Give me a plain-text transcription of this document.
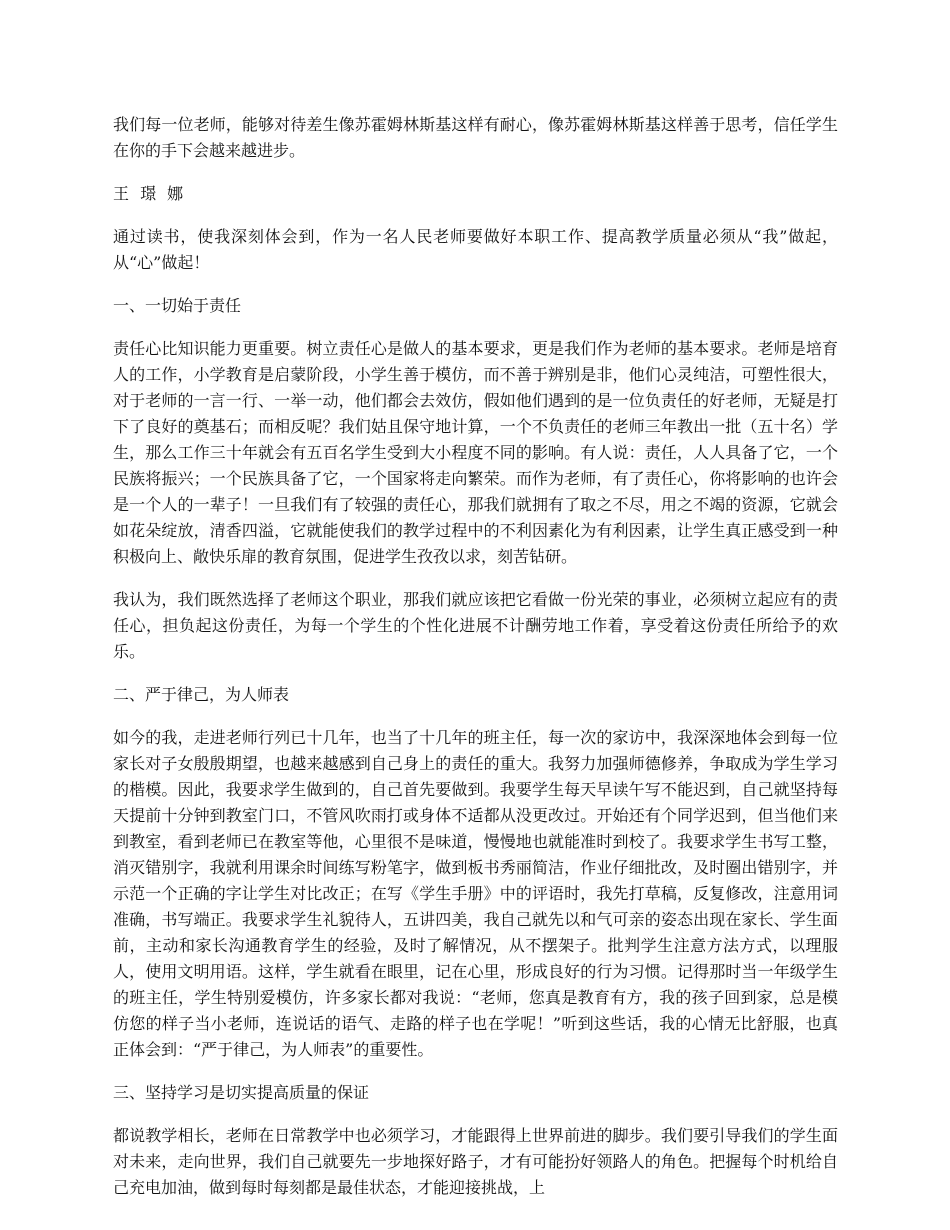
我们每一位老师，能够对待差生像苏霍姆林斯基这样有耐心，像苏霍姆林斯基这样善于思考，信任学生在你的手下会越来越进步。

王 璟 娜

通过读书，使我深刻体会到，作为一名人民老师要做好本职工作、提高教学质量必须从“我”做起，从“心”做起！

一、一切始于责任

责任心比知识能力更重要。树立责任心是做人的基本要求，更是我们作为老师的基本要求。老师是培育人的工作，小学教育是启蒙阶段，小学生善于模仿，而不善于辨别是非，他们心灵纯洁，可塑性很大，对于老师的一言一行、一举一动，他们都会去效仿，假如他们遇到的是一位负责任的好老师，无疑是打下了良好的奠基石；而相反呢？我们姑且保守地计算，一个不负责任的老师三年教出一批（五十名）学生，那么工作三十年就会有五百名学生受到大小程度不同的影响。有人说：责任，人人具备了它，一个民族将振兴；一个民族具备了它，一个国家将走向繁荣。而作为老师，有了责任心，你将影响的也许会是一个人的一辈子！一旦我们有了较强的责任心，那我们就拥有了取之不尽，用之不竭的资源，它就会如花朵绽放，清香四溢，它就能使我们的教学过程中的不利因素化为有利因素，让学生真正感受到一种积极向上、敞快乐扉的教育氛围，促进学生孜孜以求，刻苦钻研。

我认为，我们既然选择了老师这个职业，那我们就应该把它看做一份光荣的事业，必须树立起应有的责任心，担负起这份责任，为每一个学生的个性化进展不计酬劳地工作着，享受着这份责任所给予的欢乐。

二、严于律己，为人师表

如今的我，走进老师行列已十几年，也当了十几年的班主任，每一次的家访中，我深深地体会到每一位家长对子女殷殷期望，也越来越感到自己身上的责任的重大。我努力加强师德修养，争取成为学生学习的楷模。因此，我要求学生做到的，自己首先要做到。我要学生每天早读午写不能迟到，自己就坚持每天提前十分钟到教室门口，不管风吹雨打或身体不适都从没更改过。开始还有个同学迟到，但当他们来到教室，看到老师已在教室等他，心里很不是味道，慢慢地也就能准时到校了。我要求学生书写工整，消灭错别字，我就利用课余时间练写粉笔字，做到板书秀丽简洁，作业仔细批改，及时圈出错别字，并示范一个正确的字让学生对比改正；在写《学生手册》中的评语时，我先打草稿，反复修改，注意用词准确，书写端正。我要求学生礼貌待人，五讲四美，我自己就先以和气可亲的姿态出现在家长、学生面前，主动和家长沟通教育学生的经验，及时了解情况，从不摆架子。批判学生注意方法方式，以理服人，使用文明用语。这样，学生就看在眼里，记在心里，形成良好的行为习惯。记得那时当一年级学生的班主任，学生特别爱模仿，许多家长都对我说：“老师，您真是教育有方，我的孩子回到家，总是模仿您的样子当小老师，连说话的语气、走路的样子也在学呢！”听到这些话，我的心情无比舒服，也真正体会到：“严于律己，为人师表”的重要性。

三、坚持学习是切实提高质量的保证

都说教学相长，老师在日常教学中也必须学习，才能跟得上世界前进的脚步。我们要引导我们的学生面对未来，走向世界，我们自己就要先一步地探好路子，才有可能扮好领路人的角色。把握每个时机给自己充电加油，做到每时每刻都是最佳状态，才能迎接挑战，上
